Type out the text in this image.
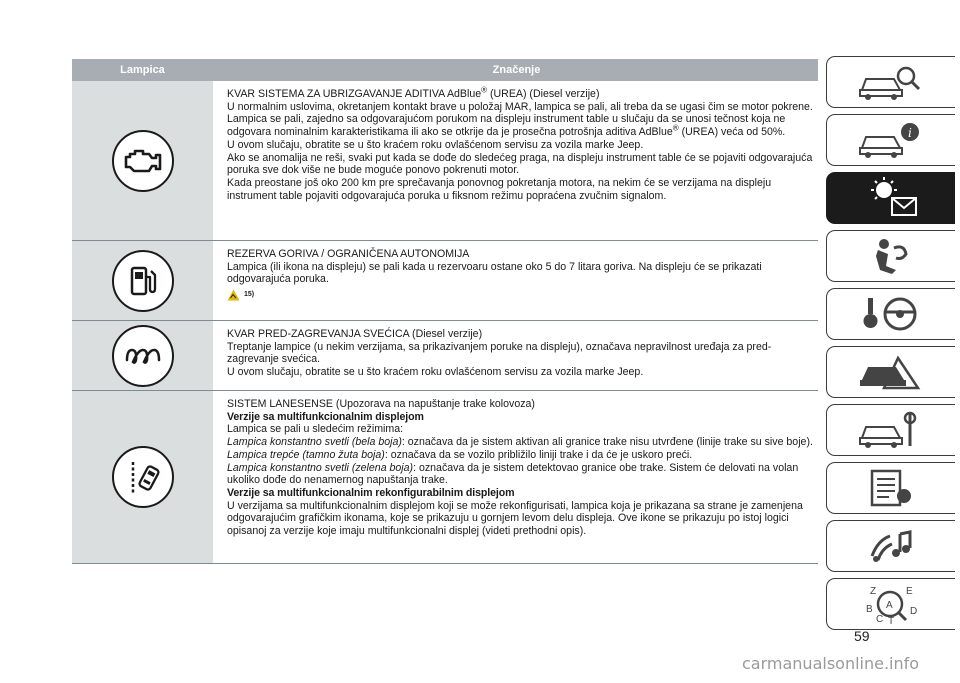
Lampica	Značenje

KVAR SISTEMA ZA UBRIZGAVANJE ADITIVA AdBlue® (UREA) (Diesel verzije)

U normalnim uslovima, okretanjem kontakt brave u položaj MAR, lampica se pali, ali treba da se ugasi čim se motor pokrene.

Lampica se pali, zajedno sa odgovarajućom porukom na displeju instrument table u slučaju da se unosi tečnost koja ne odgovara nominalnim karakteristikama ili ako se otkrije da je prosečna potrošnja aditiva AdBlue® (UREA) veća od 50%.

U ovom slučaju, obratite se u što kraćem roku ovlašćenom servisu za vozila marke Jeep.

Ako se anomalija ne reši, svaki put kada se dođe do sledećeg praga, na displeju instrument table će se pojaviti odgovarajuća poruka sve dok više ne bude moguće ponovo pokrenuti motor.

Kada preostane još oko 200 km pre sprečavanja ponovnog pokretanja motora, na nekim će se verzijama na displeju instrument table pojaviti odgovarajuća poruka u fiksnom režimu popraćena zvučnim signalom.

REZERVA GORIVA / OGRANIČENA AUTONOMIJA

Lampica (ili ikona na displeju) se pali kada u rezervoaru ostane oko 5 do 7 litara goriva. Na displeju će se prikazati odgovarajuća poruka.

15)

KVAR PRED-ZAGREVANJA SVEĆICA (Diesel verzije)

Treptanje lampice (u nekim verzijama, sa prikazivanjem poruke na displeju), označava nepravilnost uređaja za pred-zagrevanje svećica.

U ovom slučaju, obratite se u što kraćem roku ovlašćenom servisu za vozila marke Jeep.

SISTEM LANESENSE (Upozorava na napuštanje trake kolovoza)

Verzije sa multifunkcionalnim displejom

Lampica se pali u sledećim režimima:

Lampica konstantno svetli (bela boja): označava da je sistem aktivan ali granice trake nisu utvrđene (linije trake su sive boje).

Lampica trepće (tamno žuta boja): označava da se vozilo približilo liniji trake i da će je uskoro preći.

Lampica konstantno svetli (zelena boja): označava da je sistem detektovao granice obe trake. Sistem će delovati na volan ukoliko dođe do nenamernog napuštanja trake.

Verzije sa multifunkcionalnim rekonfigurabilnim displejom

U verzijama sa multifunkcionalnim displejom koji se može rekonfigurisati, lampica koja je prikazana sa strane je zamenjena odgovarajućim grafičkim ikonama, koje se prikazuju u gornjem levom delu displeja. Ove ikone se prikazuju po istoj logici opisanoj za verzije koje imaju multifunkcionalni displej (videti prethodni opis).

i
Z	E
B A
C T
D
59
carmanualsonline.info
